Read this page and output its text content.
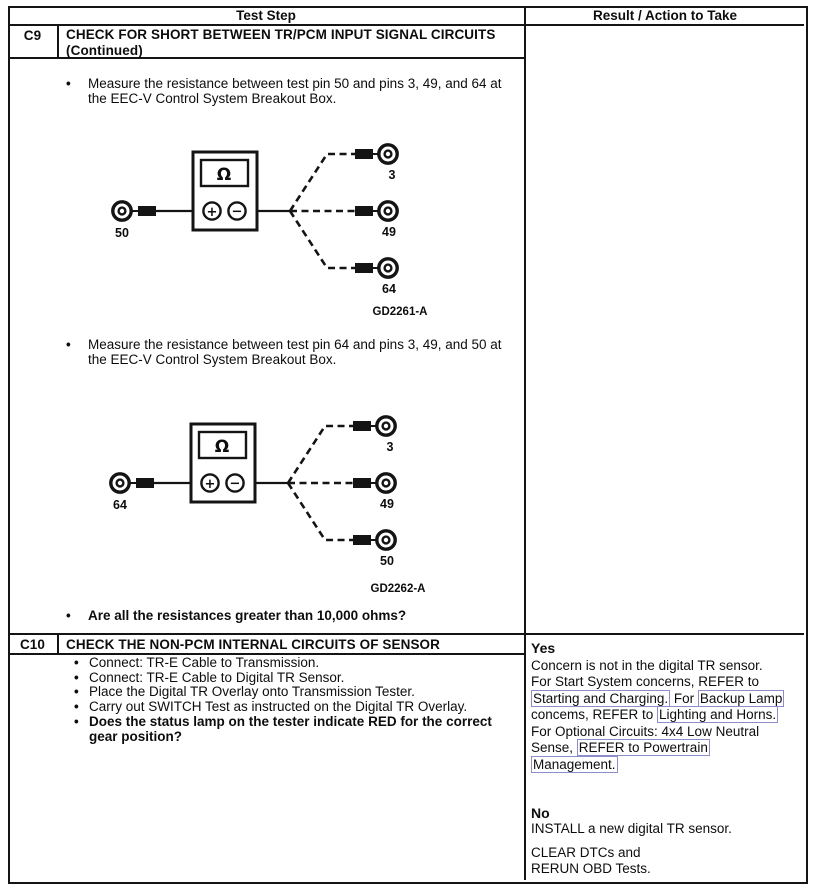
Test Step	Result / Action to Take
C9	CHECK FOR SHORT BETWEEN TR/PCM INPUT SIGNAL CIRCUITS (Continued)
•
Measure the resistance between test pin 50 and pins 3, 49, and 64 at the EEC-V Control System Breakout Box.
50
Ω
+ −
3
49
64
GD2261-A
•
Measure the resistance between test pin 64 and pins 3, 49, and 50 at the EEC-V Control System Breakout Box.
64
Ω
+ −
3
49
50
GD2262-A
•
Are all the resistances greater than 10,000 ohms?
C10	CHECK THE NON-PCM INTERNAL CIRCUITS OF SENSOR
•
Connect: TR-E Cable to Transmission.
•
Connect: TR-E Cable to Digital TR Sensor.
•
Place the Digital TR Overlay onto Transmission Tester.
•
Carry out SWITCH Test as instructed on the Digital TR Overlay.
•
Does the status lamp on the tester indicate RED for the correct gear position?
Yes
Concern is not in the digital TR sensor.
For Start System concerns, REFER to
Starting and Charging. For Backup Lamp
concems, REFER to Lighting and Horns.
For Optional Circuits: 4x4 Low Neutral
Sense, REFER to Powertrain
Management.
No
INSTALL a new digital TR sensor.
CLEAR DTCs and
RERUN OBD Tests.
